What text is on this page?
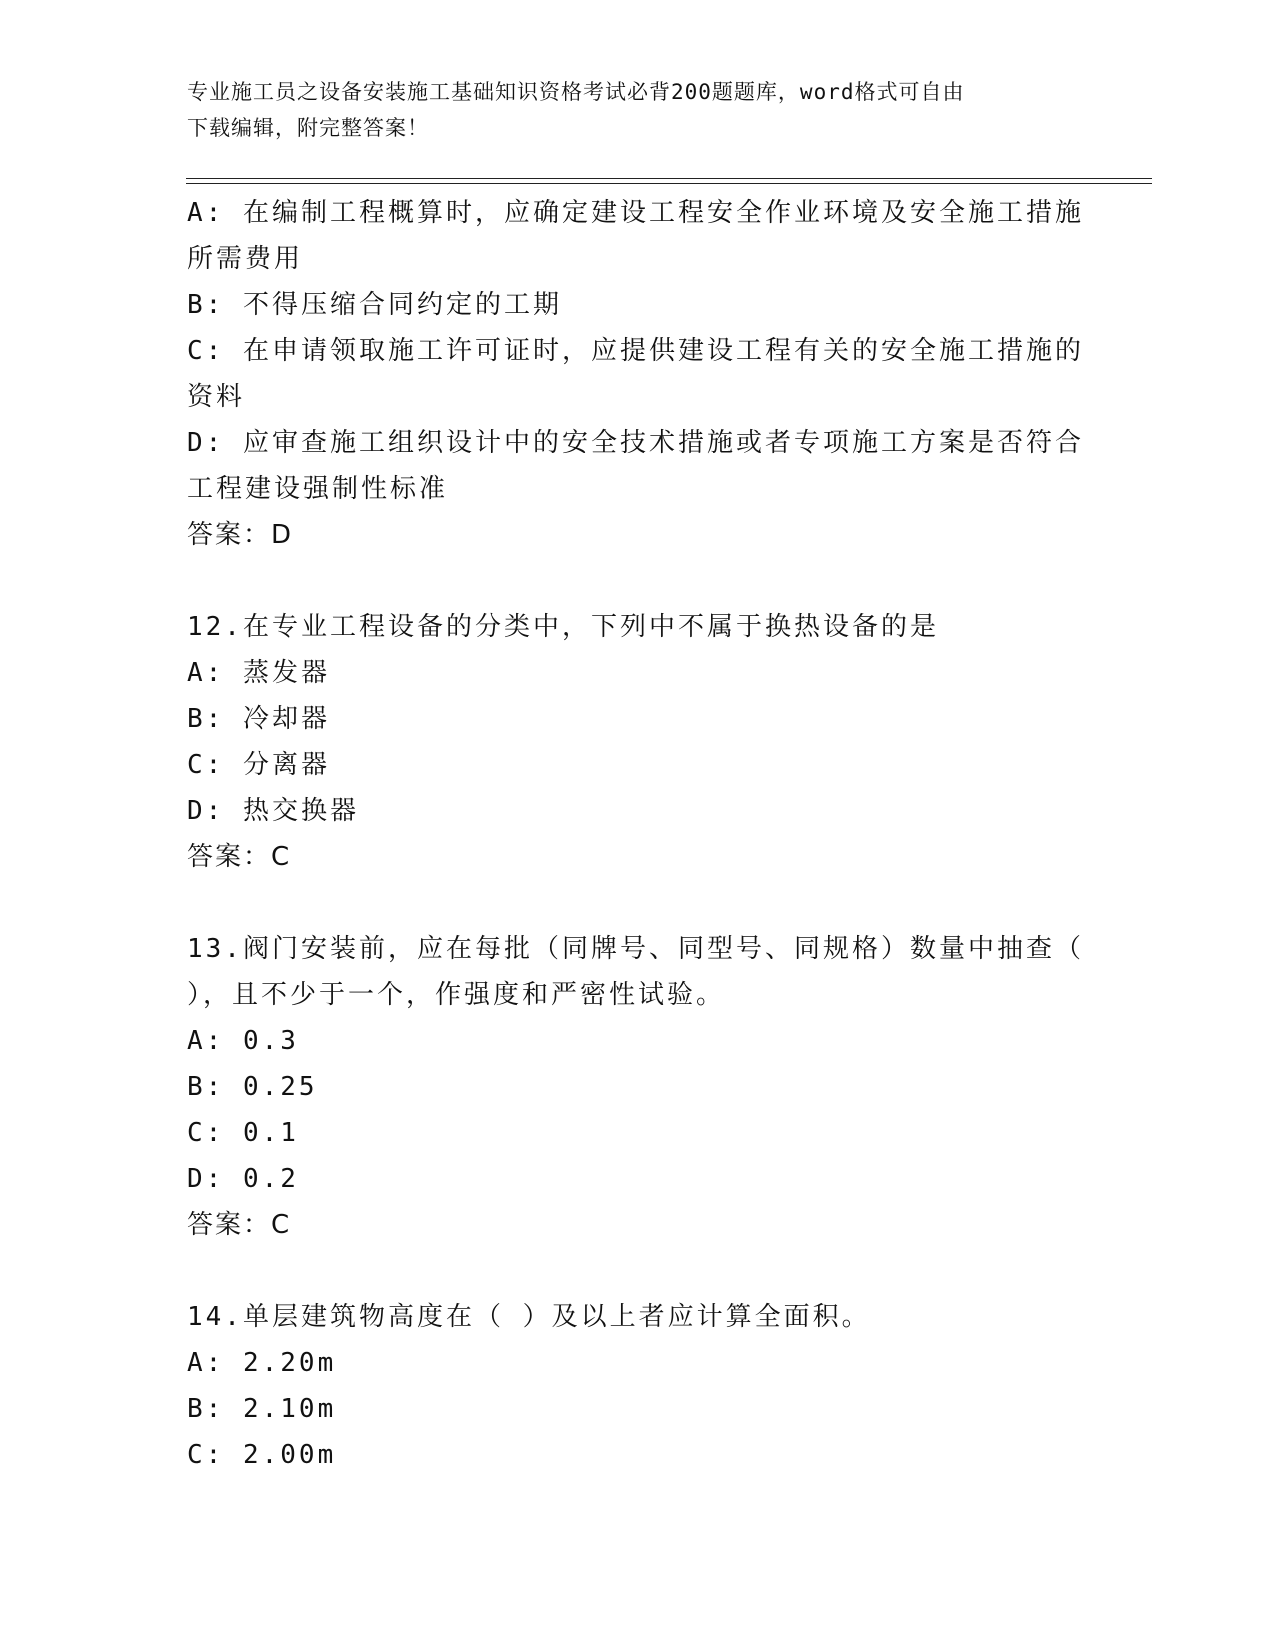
专业施工员之设备安装施工基础知识资格考试必背200题题库，word格式可自由
下载编辑，附完整答案！
A: 在编制工程概算时，应确定建设工程安全作业环境及安全施工措施
所需费用
B: 不得压缩合同约定的工期
C: 在申请领取施工许可证时，应提供建设工程有关的安全施工措施的
资料
D: 应审查施工组织设计中的安全技术措施或者专项施工方案是否符合
工程建设强制性标准
答案：D
12.在专业工程设备的分类中，下列中不属于换热设备的是
A: 蒸发器
B: 冷却器
C: 分离器
D: 热交换器
答案：C
13.阀门安装前，应在每批（同牌号、同型号、同规格）数量中抽查（
），且不少于一个，作强度和严密性试验。
A: 0.3
B: 0.25
C: 0.1
D: 0.2
答案：C
14.单层建筑物高度在（ ）及以上者应计算全面积。
A: 2.20m
B: 2.10m
C: 2.00m
